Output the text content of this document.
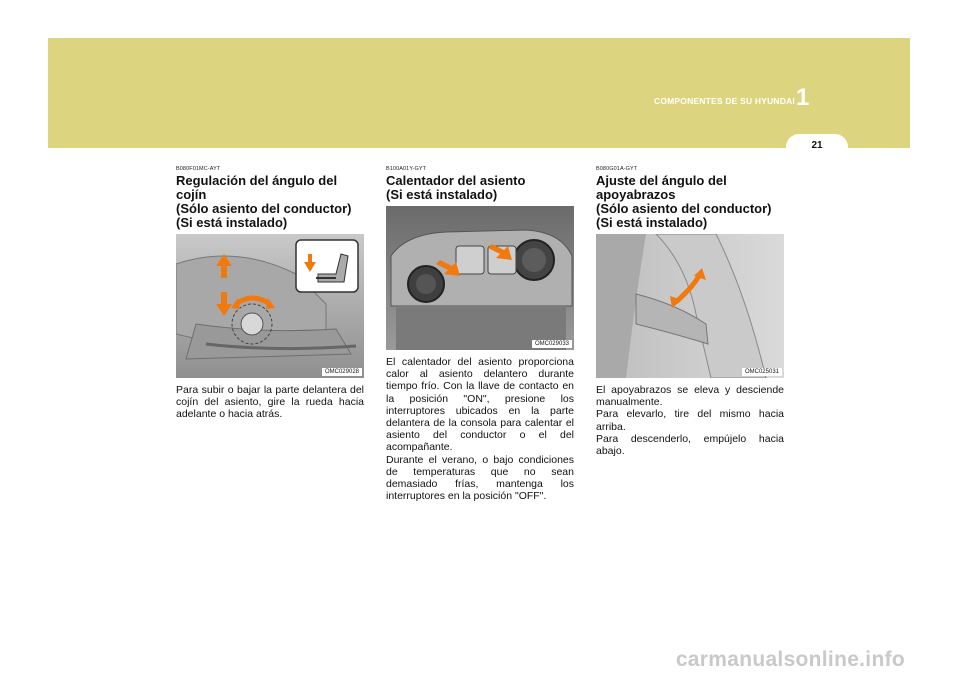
COMPONENTES DE SU HYUNDAI 1
21
B080F01MC-AYT
Regulación del ángulo del cojín
(Sólo asiento del conductor)
(Si está instalado)
OMC029028
Para subir o bajar la parte delantera del cojín del asiento, gire la rueda hacia adelante o hacia atrás.
B100A01Y-GYT
Calentador del asiento
(Si está instalado)
OMC029033
El calentador del asiento proporciona calor al asiento delantero durante tiempo frío. Con la llave de contacto en la posición "ON", presione los interruptores ubicados en la parte delantera de la consola para calentar el asiento del conductor o el del acompañante.
Durante el verano, o bajo condiciones de temperaturas que no sean demasiado frías, mantenga los interruptores en la posición "OFF".
B080G01A-GYT
Ajuste del ángulo del
apoyabrazos
(Sólo asiento del conductor)
(Si está instalado)
OMC025031
El apoyabrazos se eleva y desciende manualmente.
Para elevarlo, tire del mismo hacia arriba.
Para descenderlo, empújelo hacia abajo.
carmanualsonline.info
